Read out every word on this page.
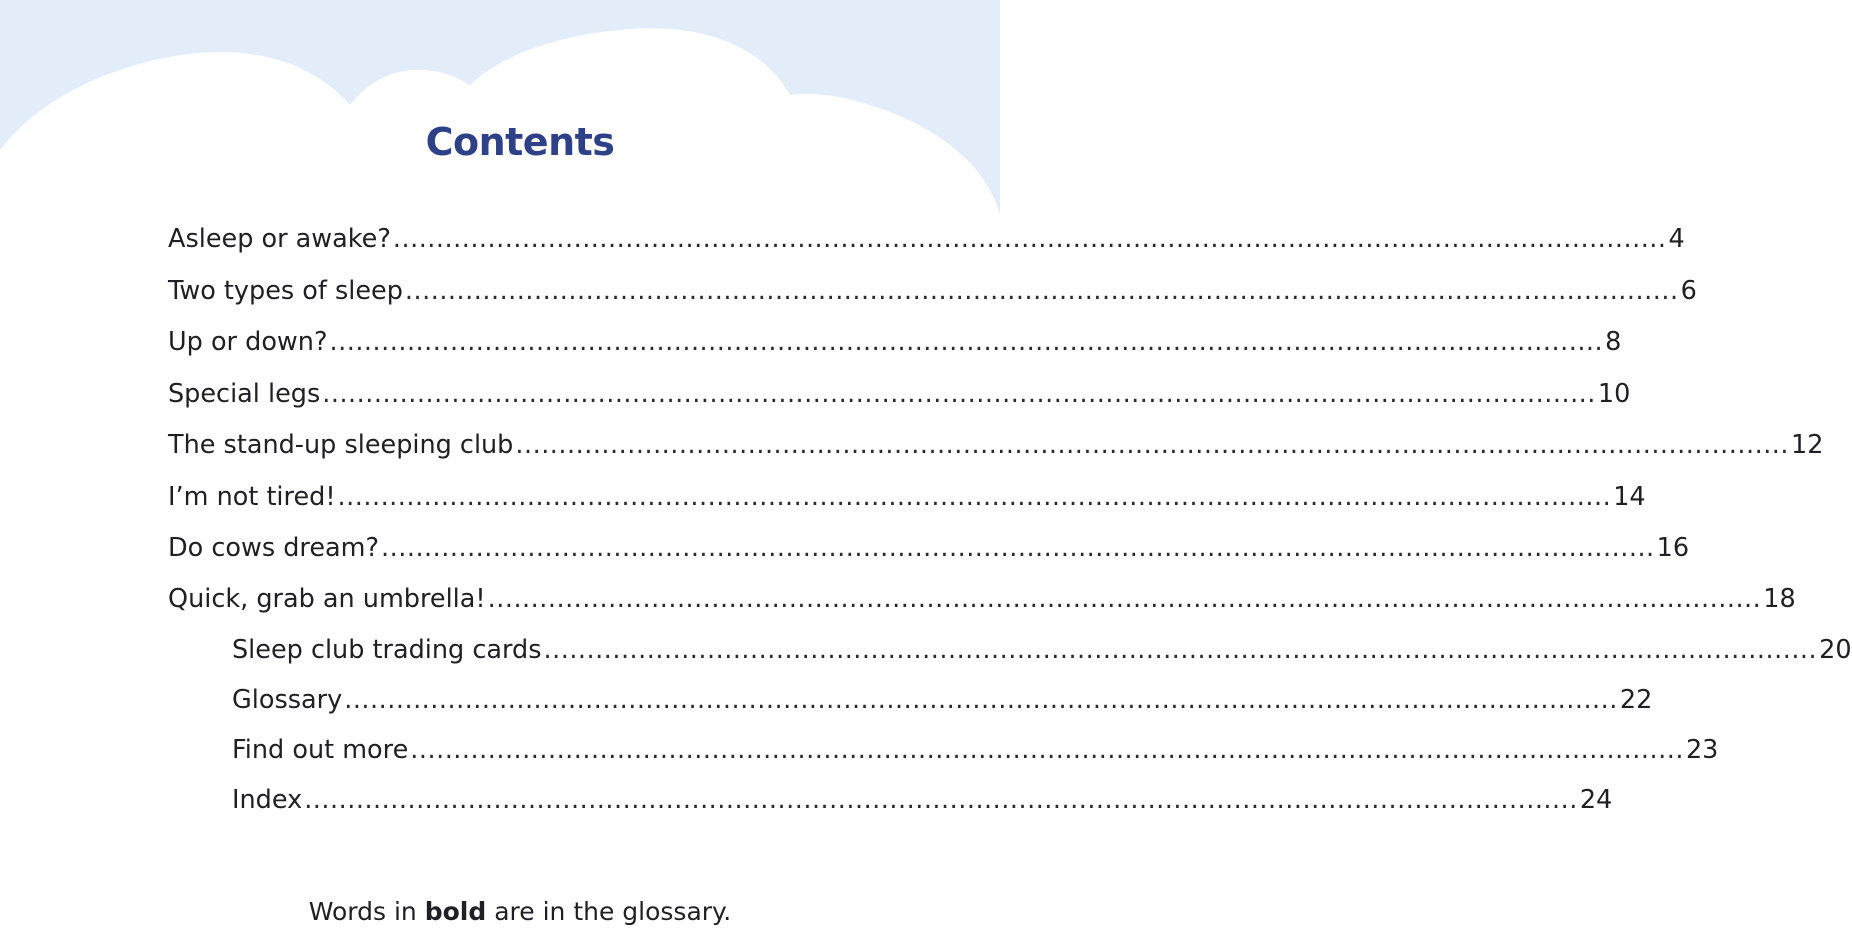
Contents
Asleep or awake? .................................................................................................................................................... 4
Two types of sleep .................................................................................................................................................... 6
Up or down? .................................................................................................................................................... 8
Special legs .................................................................................................................................................... 10
The stand-up sleeping club .................................................................................................................................................... 12
I’m not tired! .................................................................................................................................................... 14
Do cows dream? .................................................................................................................................................... 16
Quick, grab an umbrella! .................................................................................................................................................... 18
Sleep club trading cards .................................................................................................................................................... 20
Glossary .................................................................................................................................................... 22
Find out more .................................................................................................................................................... 23
Index .................................................................................................................................................... 24
Words in bold are in the glossary.
